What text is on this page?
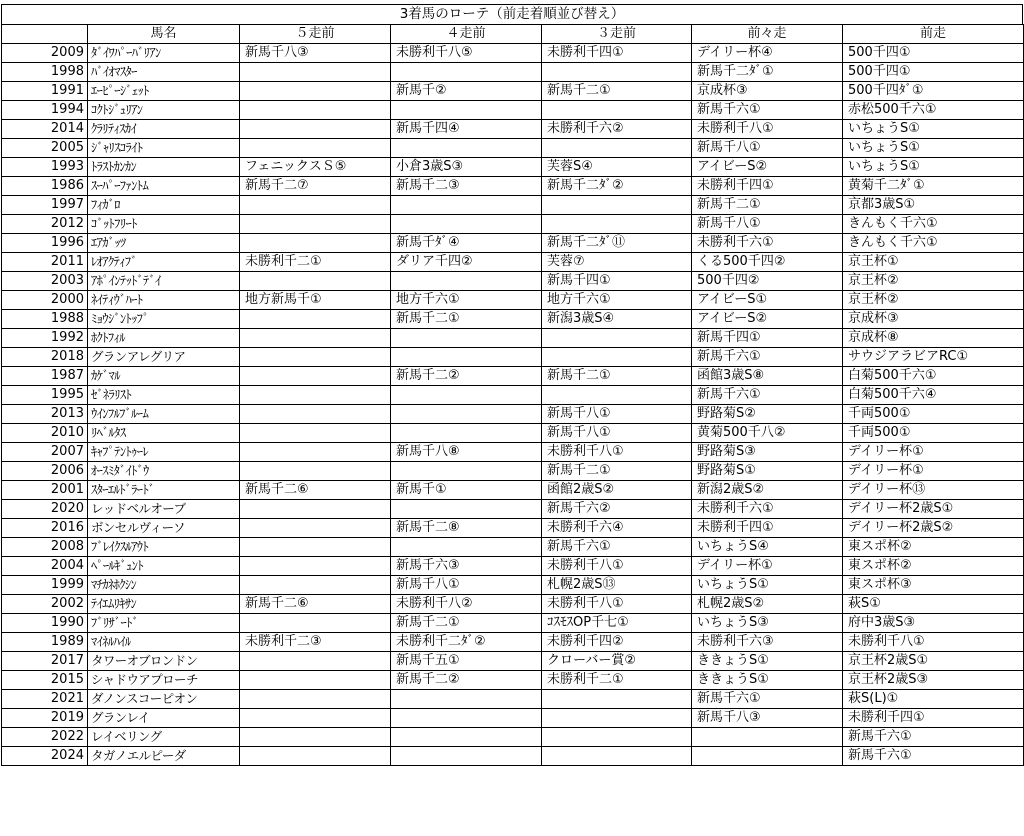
3着馬のローテ（前走着順並び替え）
	馬名	５走前	４走前	３走前	前々走	前走
2009	ﾀﾞｲﾜﾊﾟｰﾊﾞﾘｱﾝ	新馬千八③	未勝利千八⑤	未勝利千四①	デイリー杯④	500千四①
1998	ﾊﾞｲｵﾏｽﾀｰ				新馬千二ﾀﾞ①	500千四①
1991	ｴｰﾋﾟｰｼﾞｪｯﾄ		新馬千②	新馬千二①	京成杯③	500千四ﾀﾞ①
1994	ｺｸﾄｼﾞｭﾘｱﾝ				新馬千六①	赤松500千六①
2014	ｸﾗﾘﾃｨｽｶｲ		新馬千四④	未勝利千六②	未勝利千八①	いちょうS①
2005	ｼﾞｬﾘｽｺﾗｲﾄ				新馬千八①	いちょうS①
1993	ﾄﾗｽﾄｶﾝｶﾝ	フェニックスＳ⑤	小倉3歳S③	芙蓉S④	アイビーS②	いちょうS①
1986	ｽｰﾊﾟｰﾌｧﾝﾄﾑ	新馬千二⑦	新馬千二③	新馬千二ﾀﾞ②	未勝利千四①	黄菊千二ﾀﾞ①
1997	ﾌｨｶﾞﾛ				新馬千二①	京都3歳S①
2012	ｺﾞｯﾄﾌﾘｰﾄ				新馬千八①	きんもく千六①
1996	ｴｱｶﾞｯﾂ		新馬千ﾀﾞ④	新馬千二ﾀﾞ⑪	未勝利千六①	きんもく千六①
2011	ﾚｵｱｸﾃｨﾌﾞ	未勝利千二①	ダリア千四②	芙蓉⑦	くる500千四②	京王杯①
2003	ｱﾎﾟｲﾝﾃｯﾄﾞﾃﾞｲ			新馬千四①	500千四②	京王杯②
2000	ﾈｲﾃｨｳﾞﾊｰﾄ	地方新馬千①	地方千六①	地方千六①	アイビーS①	京王杯②
1988	ﾐｮｳｼﾞﾝﾄｯﾌﾟ		新馬千二①	新潟3歳S④	アイビーS②	京成杯③
1992	ﾎｸﾄﾌｨﾙ				新馬千四①	京成杯⑧
2018	グランアレグリア				新馬千六①	サウジアラビアRC①
1987	ｶｹﾞﾏﾙ		新馬千二②	新馬千二①	函館3歳S⑧	白菊500千六①
1995	ｾﾞﾈﾗﾘｽﾄ				新馬千六①	白菊500千六④
2013	ｳｲﾝﾌﾙﾌﾞﾙｰﾑ			新馬千八①	野路菊S②	千両500①
2010	ﾘﾍﾞﾙﾀｽ			新馬千八①	黄菊500千八②	千両500①
2007	ｷｬﾌﾟﾃﾝﾄｩｰﾚ		新馬千八⑧	未勝利千八①	野路菊S③	デイリー杯①
2006	ｵｰｽﾐﾀﾞｲﾄﾞｳ			新馬千二①	野路菊S①	デイリー杯①
2001	ｽﾀｰｴﾙﾄﾞﾗｰﾄﾞ	新馬千二⑥	新馬千①	函館2歳S②	新潟2歳S②	デイリー杯⑬
2020	レッドベルオーブ			新馬千六②	未勝利千六①	デイリー杯2歳S①
2016	ボンセルヴィーソ		新馬千二⑧	未勝利千六④	未勝利千四①	デイリー杯2歳S②
2008	ﾌﾞﾚｲｸｽﾙｱｳﾄ			新馬千六①	いちょうS④	東スポ杯②
2004	ﾍﾟｰﾙｷﾞｭﾝﾄ		新馬千六③	未勝利千八①	デイリー杯①	東スポ杯②
1999	ﾏﾁｶﾈﾎｸｼﾝ		新馬千八①	札幌2歳S⑬	いちょうS①	東スポ杯③
2002	ﾃｲｴﾑﾘｷｻﾝ	新馬千二⑥	未勝利千八②	未勝利千八①	札幌2歳S②	萩S①
1990	ﾌﾞﾘｻﾞｰﾄﾞ		新馬千二①	ｺｽﾓｽOP千七①	いちょうS③	府中3歳S③
1989	ﾏｲﾈﾙﾊｲﾙ	未勝利千二③	未勝利千二ﾀﾞ②	未勝利千四②	未勝利千六③	未勝利千八①
2017	タワーオブロンドン		新馬千五①	クローバー賞②	ききょうS①	京王杯2歳S①
2015	シャドウアプローチ		新馬千二②	未勝利千二①	ききょうS①	京王杯2歳S③
2021	ダノンスコーピオン				新馬千六①	萩S(L)①
2019	グランレイ				新馬千八③	未勝利千四①
2022	レイベリング					新馬千六①
2024	タガノエルピーダ					新馬千六①
